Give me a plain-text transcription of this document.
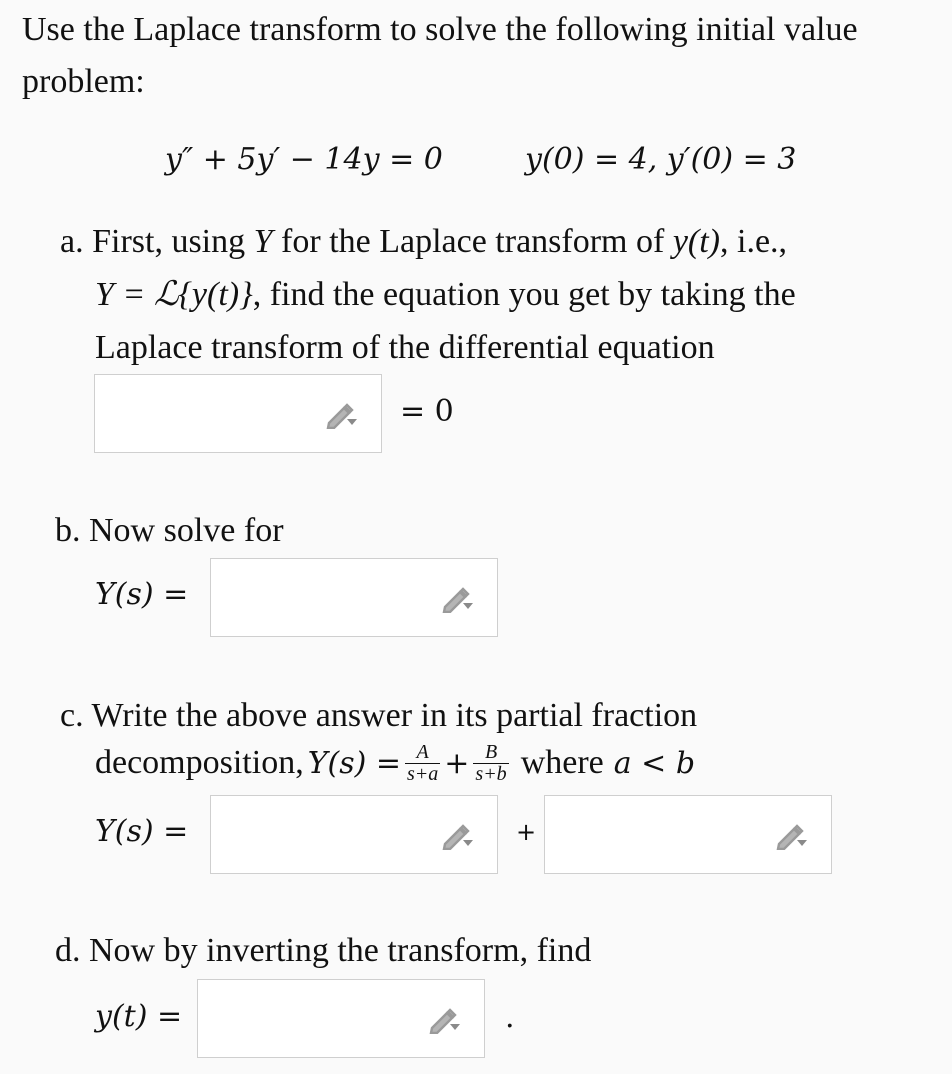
Use the Laplace transform to solve the following initial value
problem:
y″ + 5y′ − 14y = 0	y(0) = 4, y′(0) = 3
a. First, using Y for the Laplace transform of y(t), i.e.,
Y = ℒ{y(t)}, find the equation you get by taking the
Laplace transform of the differential equation
= 0
b. Now solve for
Y(s) =
c. Write the above answer in its partial fraction
decomposition, $Y(s) = \frac{A}{s+a} + \frac{B}{s+b}$ where a < b
Y(s) =	+
d. Now by inverting the transform, find
y(t) =	.
